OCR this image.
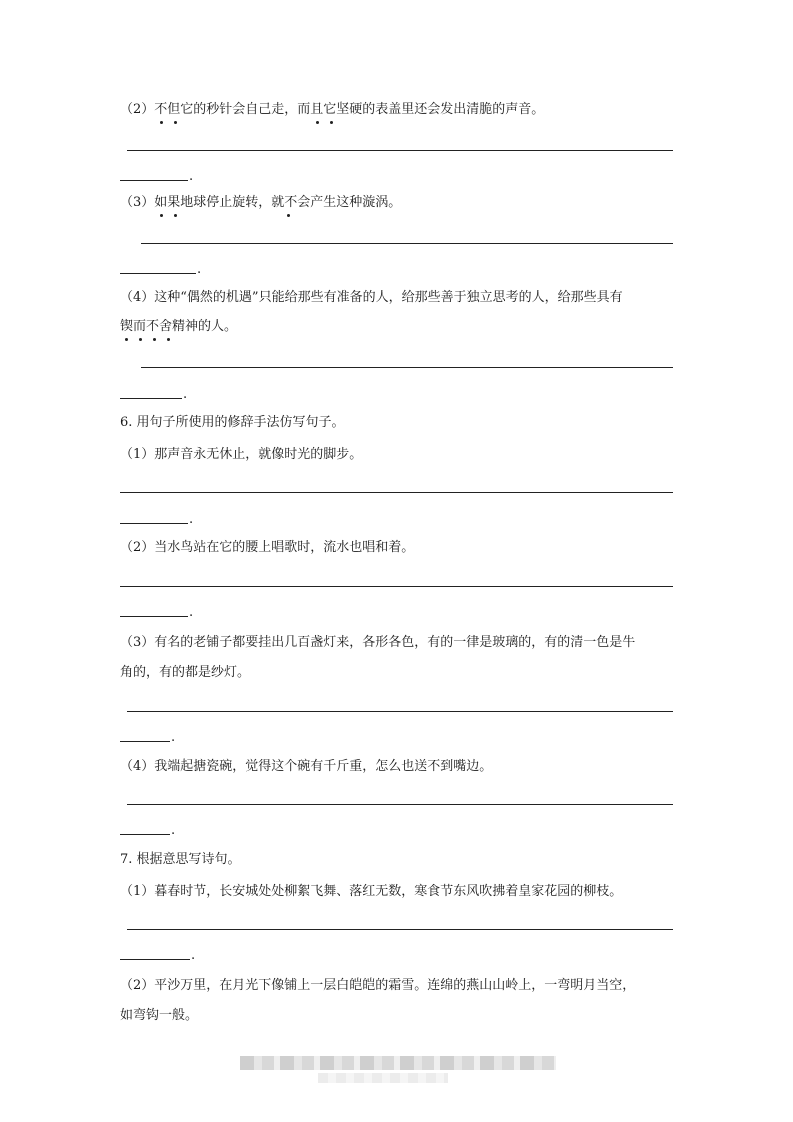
（2）不但它的秒针会自己走，而且它坚硬的表盖里还会发出清脆的声音。
.
（3）如果地球停止旋转，就不会产生这种漩涡。
.
（4）这种“偶然的机遇”只能给那些有准备的人，给那些善于独立思考的人，给那些具有
锲而不舍精神的人。
.
6. 用句子所使用的修辞手法仿写句子。
（1）那声音永无休止，就像时光的脚步。
.
（2）当水鸟站在它的腰上唱歌时，流水也唱和着。
.
（3）有名的老铺子都要挂出几百盏灯来，各形各色，有的一律是玻璃的，有的清一色是牛
角的，有的都是纱灯。
.
（4）我端起搪瓷碗，觉得这个碗有千斤重，怎么也送不到嘴边。
.
7. 根据意思写诗句。
（1）暮春时节，长安城处处柳絮飞舞、落红无数，寒食节东风吹拂着皇家花园的柳枝。
.
（2）平沙万里，在月光下像铺上一层白皑皑的霜雪。连绵的燕山山岭上，一弯明月当空，
如弯钩一般。
